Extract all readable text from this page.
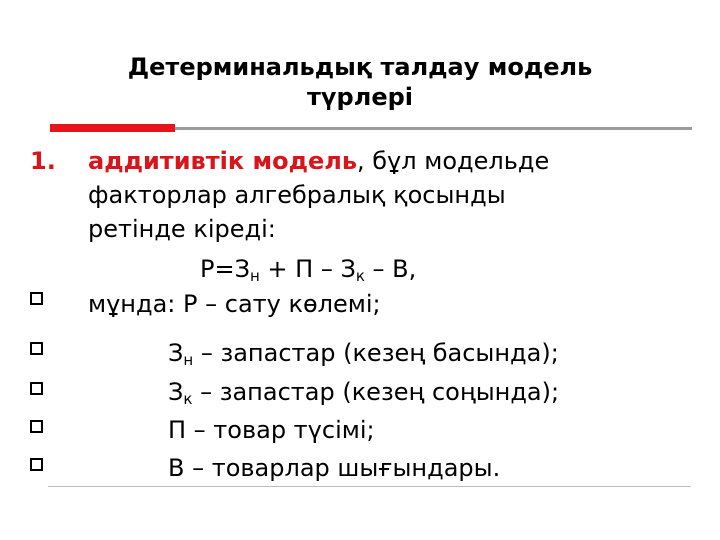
Детерминальдық талдау модель
түрлері
1. аддитивтік модель, бұл модельде
факторлар алгебралық қосынды
ретінде кіреді:
$Р=З_н + П - З_к - В$,
мұнда: Р – сату көлемі;
$З_н$ – запастар (кезең басында);
$З_к$ – запастар (кезең соңында);
П – товар түсімі;
В – товарлар шығындары.
